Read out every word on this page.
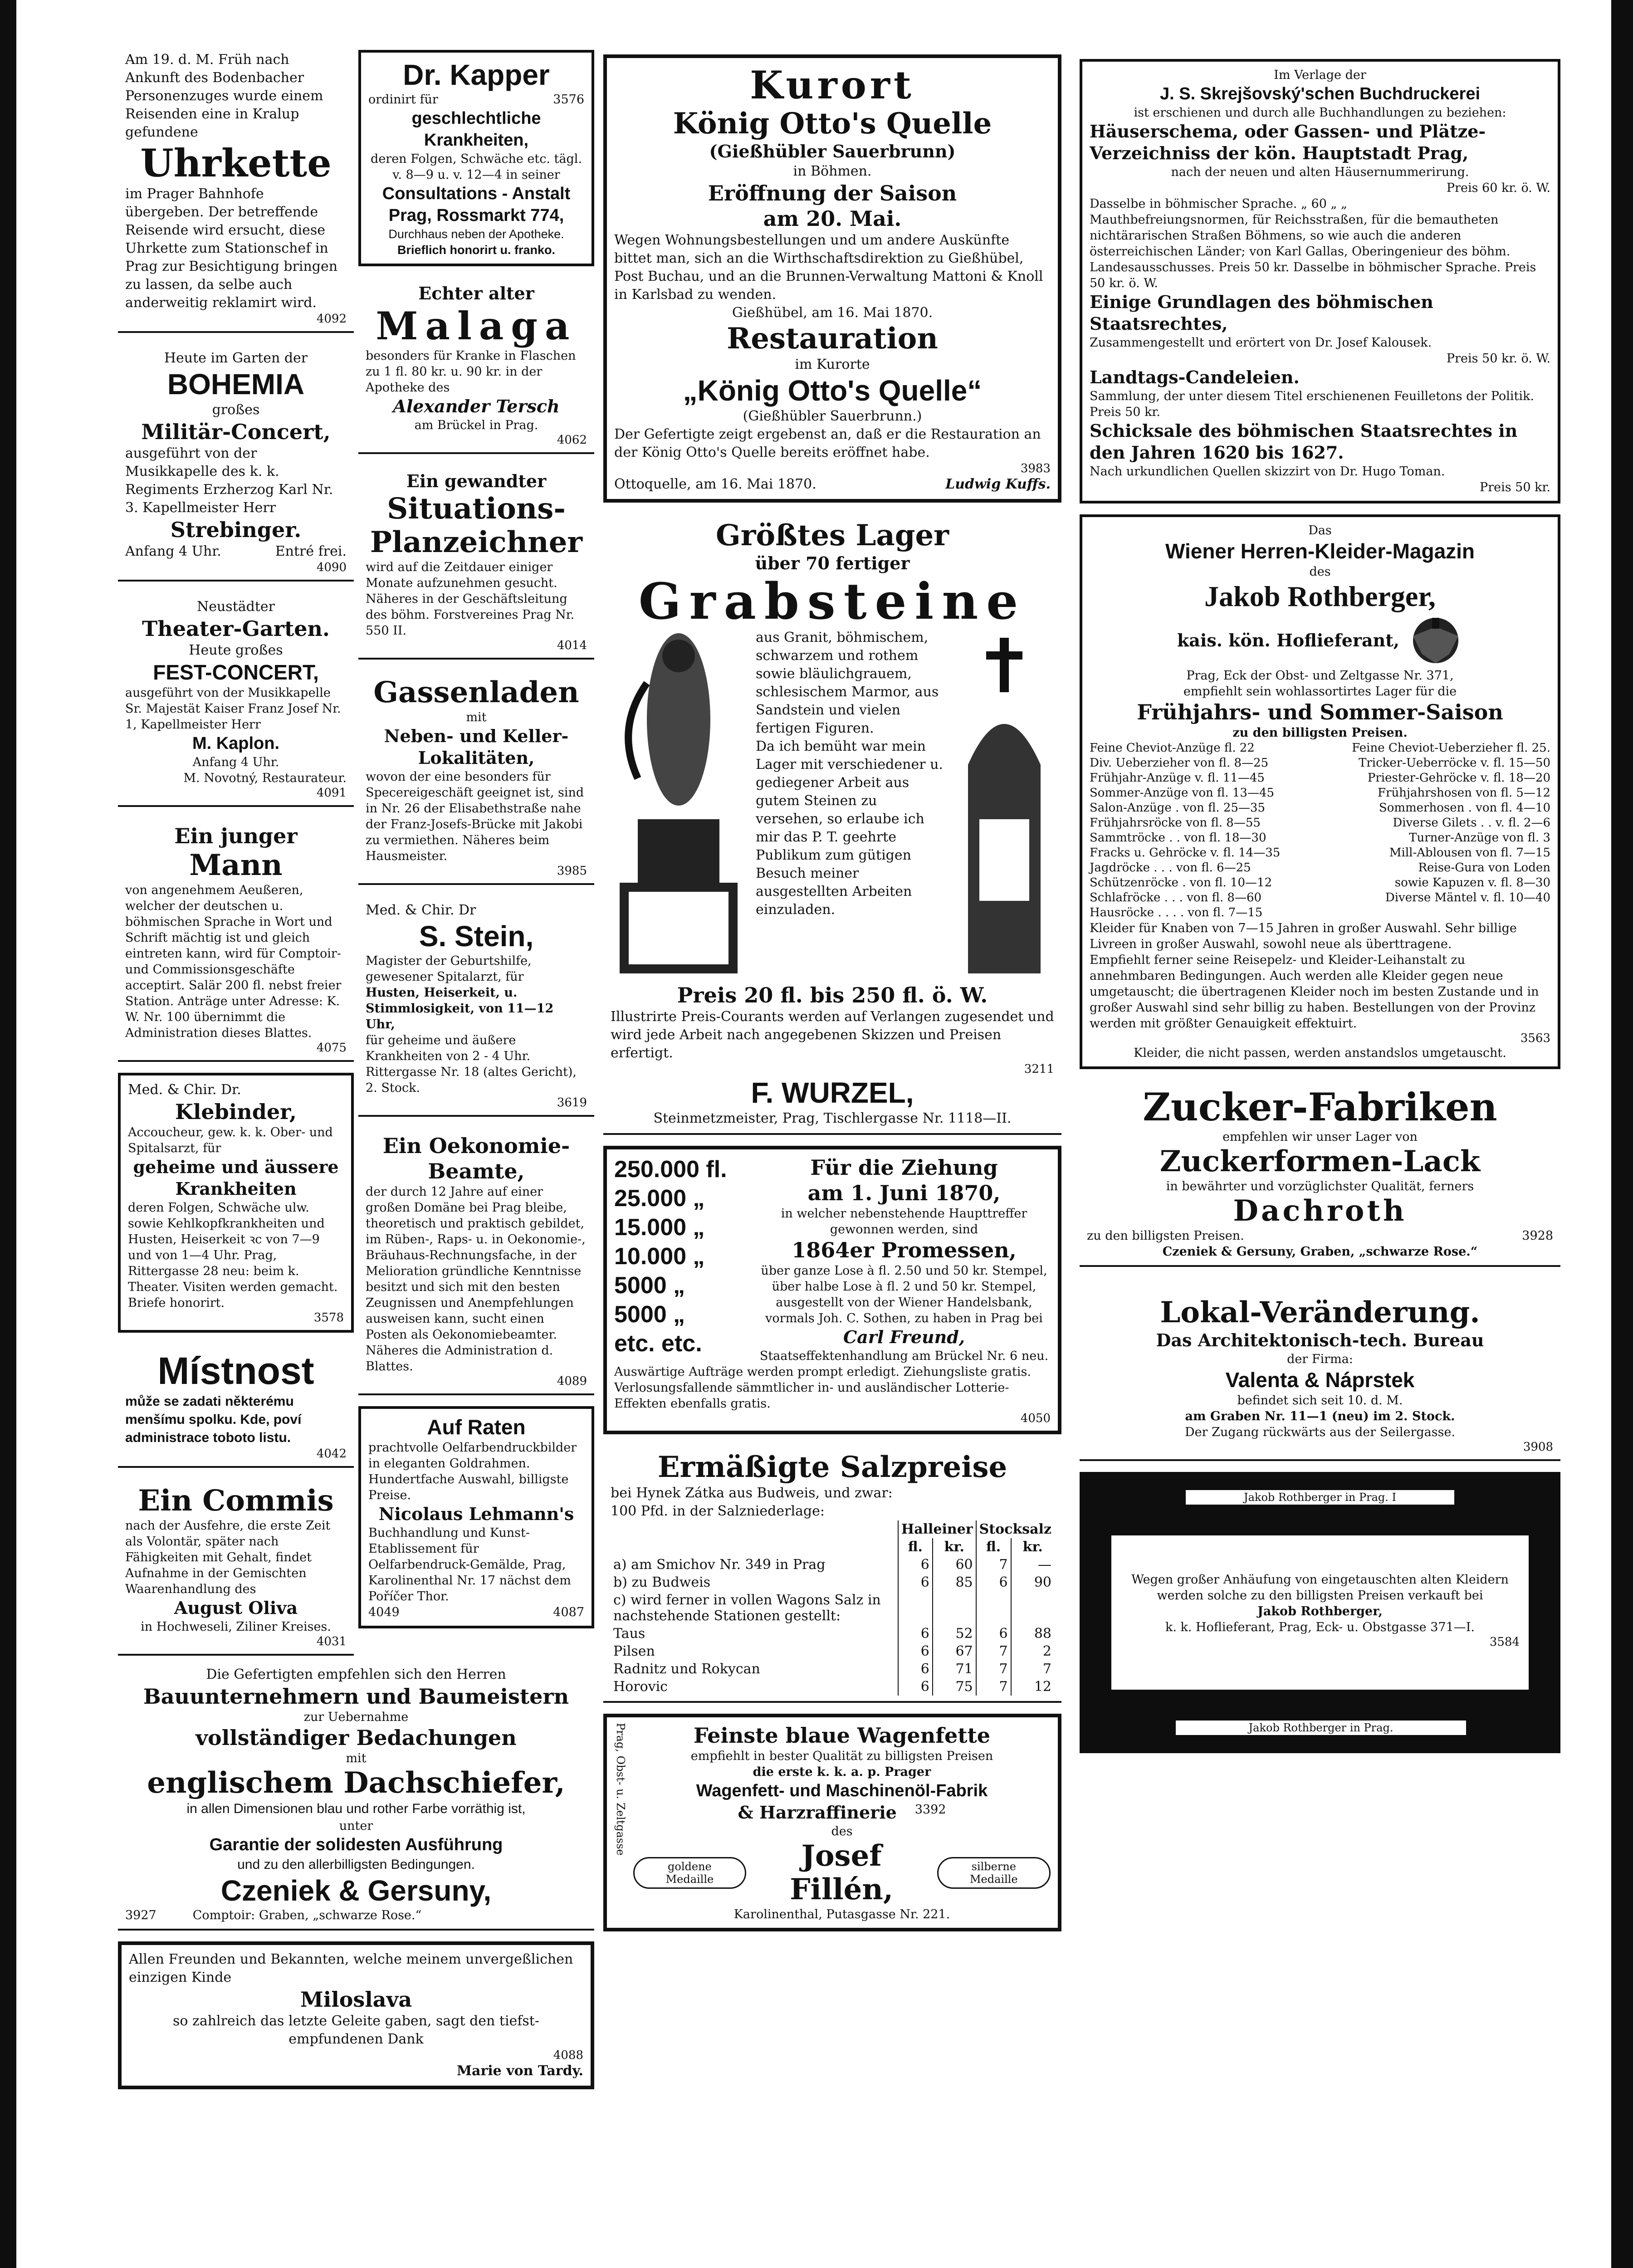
Am 19. d. M. Früh nach Ankunft des Bodenbacher Personenzuges wurde einem Reisenden eine in Kralup gefundene

Uhrkette

im Prager Bahnhofe übergeben. Der betreffende Reisende wird ersucht, diese Uhrkette zum Stationschef in Prag zur Besichtigung bringen zu lassen, da selbe auch anderweitig reklamirt wird.

4092

Heute im Garten der

BOHEMIA

großes

Militär-Concert,

ausgeführt von der Musikkapelle des k. k. Regiments Erzherzog Karl Nr. 3. Kapellmeister Herr

Strebinger.

Anfang 4 Uhr.	Entré frei.

4090

Neustädter

Theater-Garten.

Heute großes

FEST-CONCERT,

ausgeführt von der Musikkapelle Sr. Majestät Kaiser Franz Josef Nr. 1, Kapellmeister Herr

M. Kaplon.

Anfang 4 Uhr.

M. Novotný, Restaurateur.

4091

Ein junger

Mann

von angenehmem Aeußeren, welcher der deutschen u. böhmischen Sprache in Wort und Schrift mächtig ist und gleich eintreten kann, wird für Comptoir- und Commissionsgeschäfte acceptirt. Salär 200 fl. nebst freier Station. Anträge unter Adresse: K. W. Nr. 100 übernimmt die Administration dieses Blattes.

4075

Med. & Chir. Dr.

Klebinder,

Accoucheur, gew. k. k. Ober- und Spitalsarzt, für

geheime und äussere Krankheiten

deren Folgen, Schwäche ulw. sowie Kehlkopfkrankheiten und Husten, Heiserkeit ꝛc von 7—9 und von 1—4 Uhr. Prag, Rittergasse 28 neu: beim k. Theater. Visiten werden gemacht. Briefe honorirt.

3578

Místnost

může se zadati některému menšímu spolku. Kde, poví administrace toboto listu.

4042

Ein Commis

nach der Ausfehre, die erste Zeit als Volontär, später nach Fähigkeiten mit Gehalt, findet Aufnahme in der Gemischten Waarenhandlung des

August Oliva

in Hochweseli, Ziliner Kreises.

4031

Dr. Kapper

ordinirt für	3576

geschlechtliche Krankheiten,

deren Folgen, Schwäche etc. tägl. v. 8—9 u. v. 12—4 in seiner

Consultations - Anstalt

Prag, Rossmarkt 774,

Durchhaus neben der Apotheke.

Brieflich honorirt u. franko.

Echter alter

Malaga

besonders für Kranke in Flaschen zu 1 fl. 80 kr. u. 90 kr. in der Apotheke des

Alexander Tersch

am Brückel in Prag.

4062

Ein gewandter

Situations-

Planzeichner

wird auf die Zeitdauer einiger Monate aufzunehmen gesucht. Näheres in der Geschäftsleitung des böhm. Forstvereines Prag Nr. 550 II.

4014

Gassenladen

mit

Neben- und Keller-Lokalitäten,

wovon der eine besonders für Specereigeschäft geeignet ist, sind in Nr. 26 der Elisabethstraße nahe der Franz-Josefs-Brücke mit Jakobi zu vermiethen. Näheres beim Hausmeister.

3985

Med. & Chir. Dr

S. Stein,

Magister der Geburtshilfe, gewesener Spitalarzt, für

Husten, Heiserkeit, u. Stimmlosigkeit, von 11—12 Uhr,

für geheime und äußere Krankheiten von 2 - 4 Uhr.

Rittergasse Nr. 18 (altes Gericht), 2. Stock.

3619

Ein Oekonomie-

Beamte,

der durch 12 Jahre auf einer großen Domäne bei Prag bleibe, theoretisch und praktisch gebildet, im Rüben-, Raps- u. in Oekonomie-, Bräuhaus-Rechnungsfache, in der Melioration gründliche Kenntnisse besitzt und sich mit den besten Zeugnissen und Anempfehlungen ausweisen kann, sucht einen Posten als Oekonomiebeamter. Näheres die Administration d. Blattes.

4089

Auf Raten

prachtvolle Oelfarbendruckbilder in eleganten Goldrahmen. Hundertfache Auswahl, billigste Preise.

Nicolaus Lehmann's

Buchhandlung und Kunst-Etablissement für Oelfarbendruck-Gemälde, Prag, Karolinenthal Nr. 17 nächst dem Poříčer Thor.

4049	4087

Kurort

König Otto's Quelle

(Gießhübler Sauerbrunn)

in Böhmen.

Eröffnung der Saison

am 20. Mai.

Wegen Wohnungsbestellungen und um andere Auskünfte bittet man, sich an die Wirthschaftsdirektion zu Gießhübel, Post Buchau, und an die Brunnen-Verwaltung Mattoni & Knoll in Karlsbad zu wenden.

Gießhübel, am 16. Mai 1870.

Restauration

im Kurorte

„König Otto's Quelle“

(Gießhübler Sauerbrunn.)

Der Gefertigte zeigt ergebenst an, daß er die Restauration an der König Otto's Quelle bereits eröffnet habe.

3983

Ottoquelle, am 16. Mai 1870.	Ludwig Kuffs.

Größtes Lager

über 70 fertiger

Grabsteine

aus Granit, böhmischem, schwarzem und rothem sowie bläulichgrauem, schlesischem Marmor, aus Sandstein und vielen fertigen Figuren.

Da ich bemüht war mein Lager mit verschiedener u. gediegener Arbeit aus gutem Steinen zu versehen, so erlaube ich mir das P. T. geehrte Publikum zum gütigen Besuch meiner ausgestellten Arbeiten einzuladen.

Preis 20 fl. bis 250 fl. ö. W.

Illustrirte Preis-Courants werden auf Verlangen zugesendet und wird jede Arbeit nach angegebenen Skizzen und Preisen erfertigt.

3211

F. WURZEL,

Steinmetzmeister, Prag, Tischlergasse Nr. 1118—II.

250.000 fl.
25.000 „
15.000 „
10.000 „
5000 „
5000 „
etc. etc.

Für die Ziehung

am 1. Juni 1870,

in welcher nebenstehende Haupttreffer gewonnen werden, sind

1864er Promessen,

über ganze Lose à fl. 2.50 und 50 kr. Stempel, über halbe Lose à fl. 2 und 50 kr. Stempel, ausgestellt von der Wiener Handelsbank, vormals Joh. C. Sothen, zu haben in Prag bei

Carl Freund,

Staatseffektenhandlung am Brückel Nr. 6 neu.

Auswärtige Aufträge werden prompt erledigt. Ziehungsliste gratis. Verlosungsfallende sämmtlicher in- und ausländischer Lotterie-Effekten ebenfalls gratis.

4050

Ermäßigte Salzpreise

bei Hynek Zátka aus Budweis, und zwar:

100 Pfd. in der Salzniederlage:

	Halleiner		Stocksalz	
	fl.	kr.	fl.	kr.
a) am Smichov Nr. 349 in Prag	6	60	7	—
b) zu Budweis	6	85	6	90
c) wird ferner in vollen Wagons Salz in nachstehende Stationen gestellt:				
Taus	6	52	6	88
Pilsen	6	67	7	2
Radnitz und Rokycan	6	71	7	7
Horovic	6	75	7	12
Prag, Obst- u. Zeltgasse	Feinste blaue Wagenfette

empfiehlt in bester Qualität zu billigsten Preisen

die erste k. k. a. p. Prager

Wagenfett- und Maschinenöl-Fabrik

& Harzraffinerie 3392

des

goldene Medaille
Josef Fillén,
silberne Medaille

Karolinenthal, Putasgasse Nr. 221.

Im Verlage der

J. S. Skrejšovský'schen Buchdruckerei

ist erschienen und durch alle Buchhandlungen zu beziehen:

Häuserschema, oder Gassen- und Plätze-Verzeichniss der kön. Hauptstadt Prag,

nach der neuen und alten Häusernummerirung.

Preis 60 kr. ö. W.

Dasselbe in böhmischer Sprache. „ 60 „ „

Mauthbefreiungsnormen, für Reichsstraßen, für die bemautheten nichtärarischen Straßen Böhmens, so wie auch die anderen österreichischen Länder; von Karl Gallas, Oberingenieur des böhm. Landesausschusses. Preis 50 kr. Dasselbe in böhmischer Sprache. Preis 50 kr. ö. W.

Einige Grundlagen des böhmischen Staatsrechtes,

Zusammengestellt und erörtert von Dr. Josef Kalousek.

Preis 50 kr. ö. W.

Landtags-Candeleien.

Sammlung, der unter diesem Titel erschienenen Feuilletons der Politik. Preis 50 kr.

Schicksale des böhmischen Staatsrechtes in den Jahren 1620 bis 1627.

Nach urkundlichen Quellen skizzirt von Dr. Hugo Toman.

Preis 50 kr.

Das

Wiener Herren-Kleider-Magazin

des

Jakob Rothberger,

kais. kön. Hoflieferant,

Prag, Eck der Obst- und Zeltgasse Nr. 371,

empfiehlt sein wohlassortirtes Lager für die

Frühjahrs- und Sommer-Saison

zu den billigsten Preisen.

Feine Cheviot-Anzüge fl. 22	Feine Cheviot-Ueberzieher fl. 25.
Div. Ueberzieher von fl. 8—25	Tricker-Ueberröcke v. fl. 15—50
Frühjahr-Anzüge v. fl. 11—45	Priester-Gehröcke v. fl. 18—20
Sommer-Anzüge von fl. 13—45	Frühjahrshosen von fl. 5—12
Salon-Anzüge . von fl. 25—35	Sommerhosen . von fl. 4—10
Frühjahrsröcke von fl. 8—55	Diverse Gilets . . v. fl. 2—6
Sammtröcke . . von fl. 18—30	Turner-Anzüge von fl. 3
Fracks u. Gehröcke v. fl. 14—35	Mill-Ablousen von fl. 7—15
Jagdröcke . . . von fl. 6—25	Reise-Gura von Loden
Schützenröcke . von fl. 10—12	sowie Kapuzen v. fl. 8—30
Schlafröcke . . . von fl. 8—60	Diverse Mäntel v. fl. 10—40
Hausröcke . . . . von fl. 7—15

Kleider für Knaben von 7—15 Jahren in großer Auswahl. Sehr billige Livreen in großer Auswahl, sowohl neue als überttragene.

Empfiehlt ferner seine Reisepelz- und Kleider-Leihanstalt zu annehmbaren Bedingungen. Auch werden alle Kleider gegen neue umgetauscht; die übertragenen Kleider noch im besten Zustande und in großer Auswahl sind sehr billig zu haben. Bestellungen von der Provinz werden mit größter Genauigkeit effektuirt.

3563

Kleider, die nicht passen, werden anstandslos umgetauscht.

Zucker-Fabriken

empfehlen wir unser Lager von

Zuckerformen-Lack

in bewährter und vorzüglichster Qualität, ferners

Dachroth

zu den billigsten Preisen.	3928

Czeniek & Gersuny, Graben, „schwarze Rose.“

Lokal-Veränderung.

Das Architektonisch-tech. Bureau

der Firma:

Valenta & Náprstek

befindet sich seit 10. d. M.

am Graben Nr. 11—1 (neu) im 2. Stock.

Der Zugang rückwärts aus der Seilergasse.

3908

Jakob Rothberger in Prag. I

Wegen großer Anhäufung von eingetauschten alten Kleidern werden solche zu den billigsten Preisen verkauft bei

Jakob Rothberger,

k. k. Hoflieferant, Prag, Eck- u. Obstgasse 371—I.

3584

Jakob Rothberger in Prag.

Die Gefertigten empfehlen sich den Herren

Bauunternehmern und Baumeistern

zur Uebernahme

vollständiger Bedachungen

mit

englischem Dachschiefer,

in allen Dimensionen blau und rother Farbe vorräthig ist,

unter

Garantie der solidesten Ausführung

und zu den allerbilligsten Bedingungen.

Czeniek & Gersuny,

3927	Comptoir: Graben, „schwarze Rose.“

Allen Freunden und Bekannten, welche meinem unvergeßlichen einzigen Kinde

Miloslava

so zahlreich das letzte Geleite gaben, sagt den tiefst-empfundenen Dank

4088

Marie von Tardy.
